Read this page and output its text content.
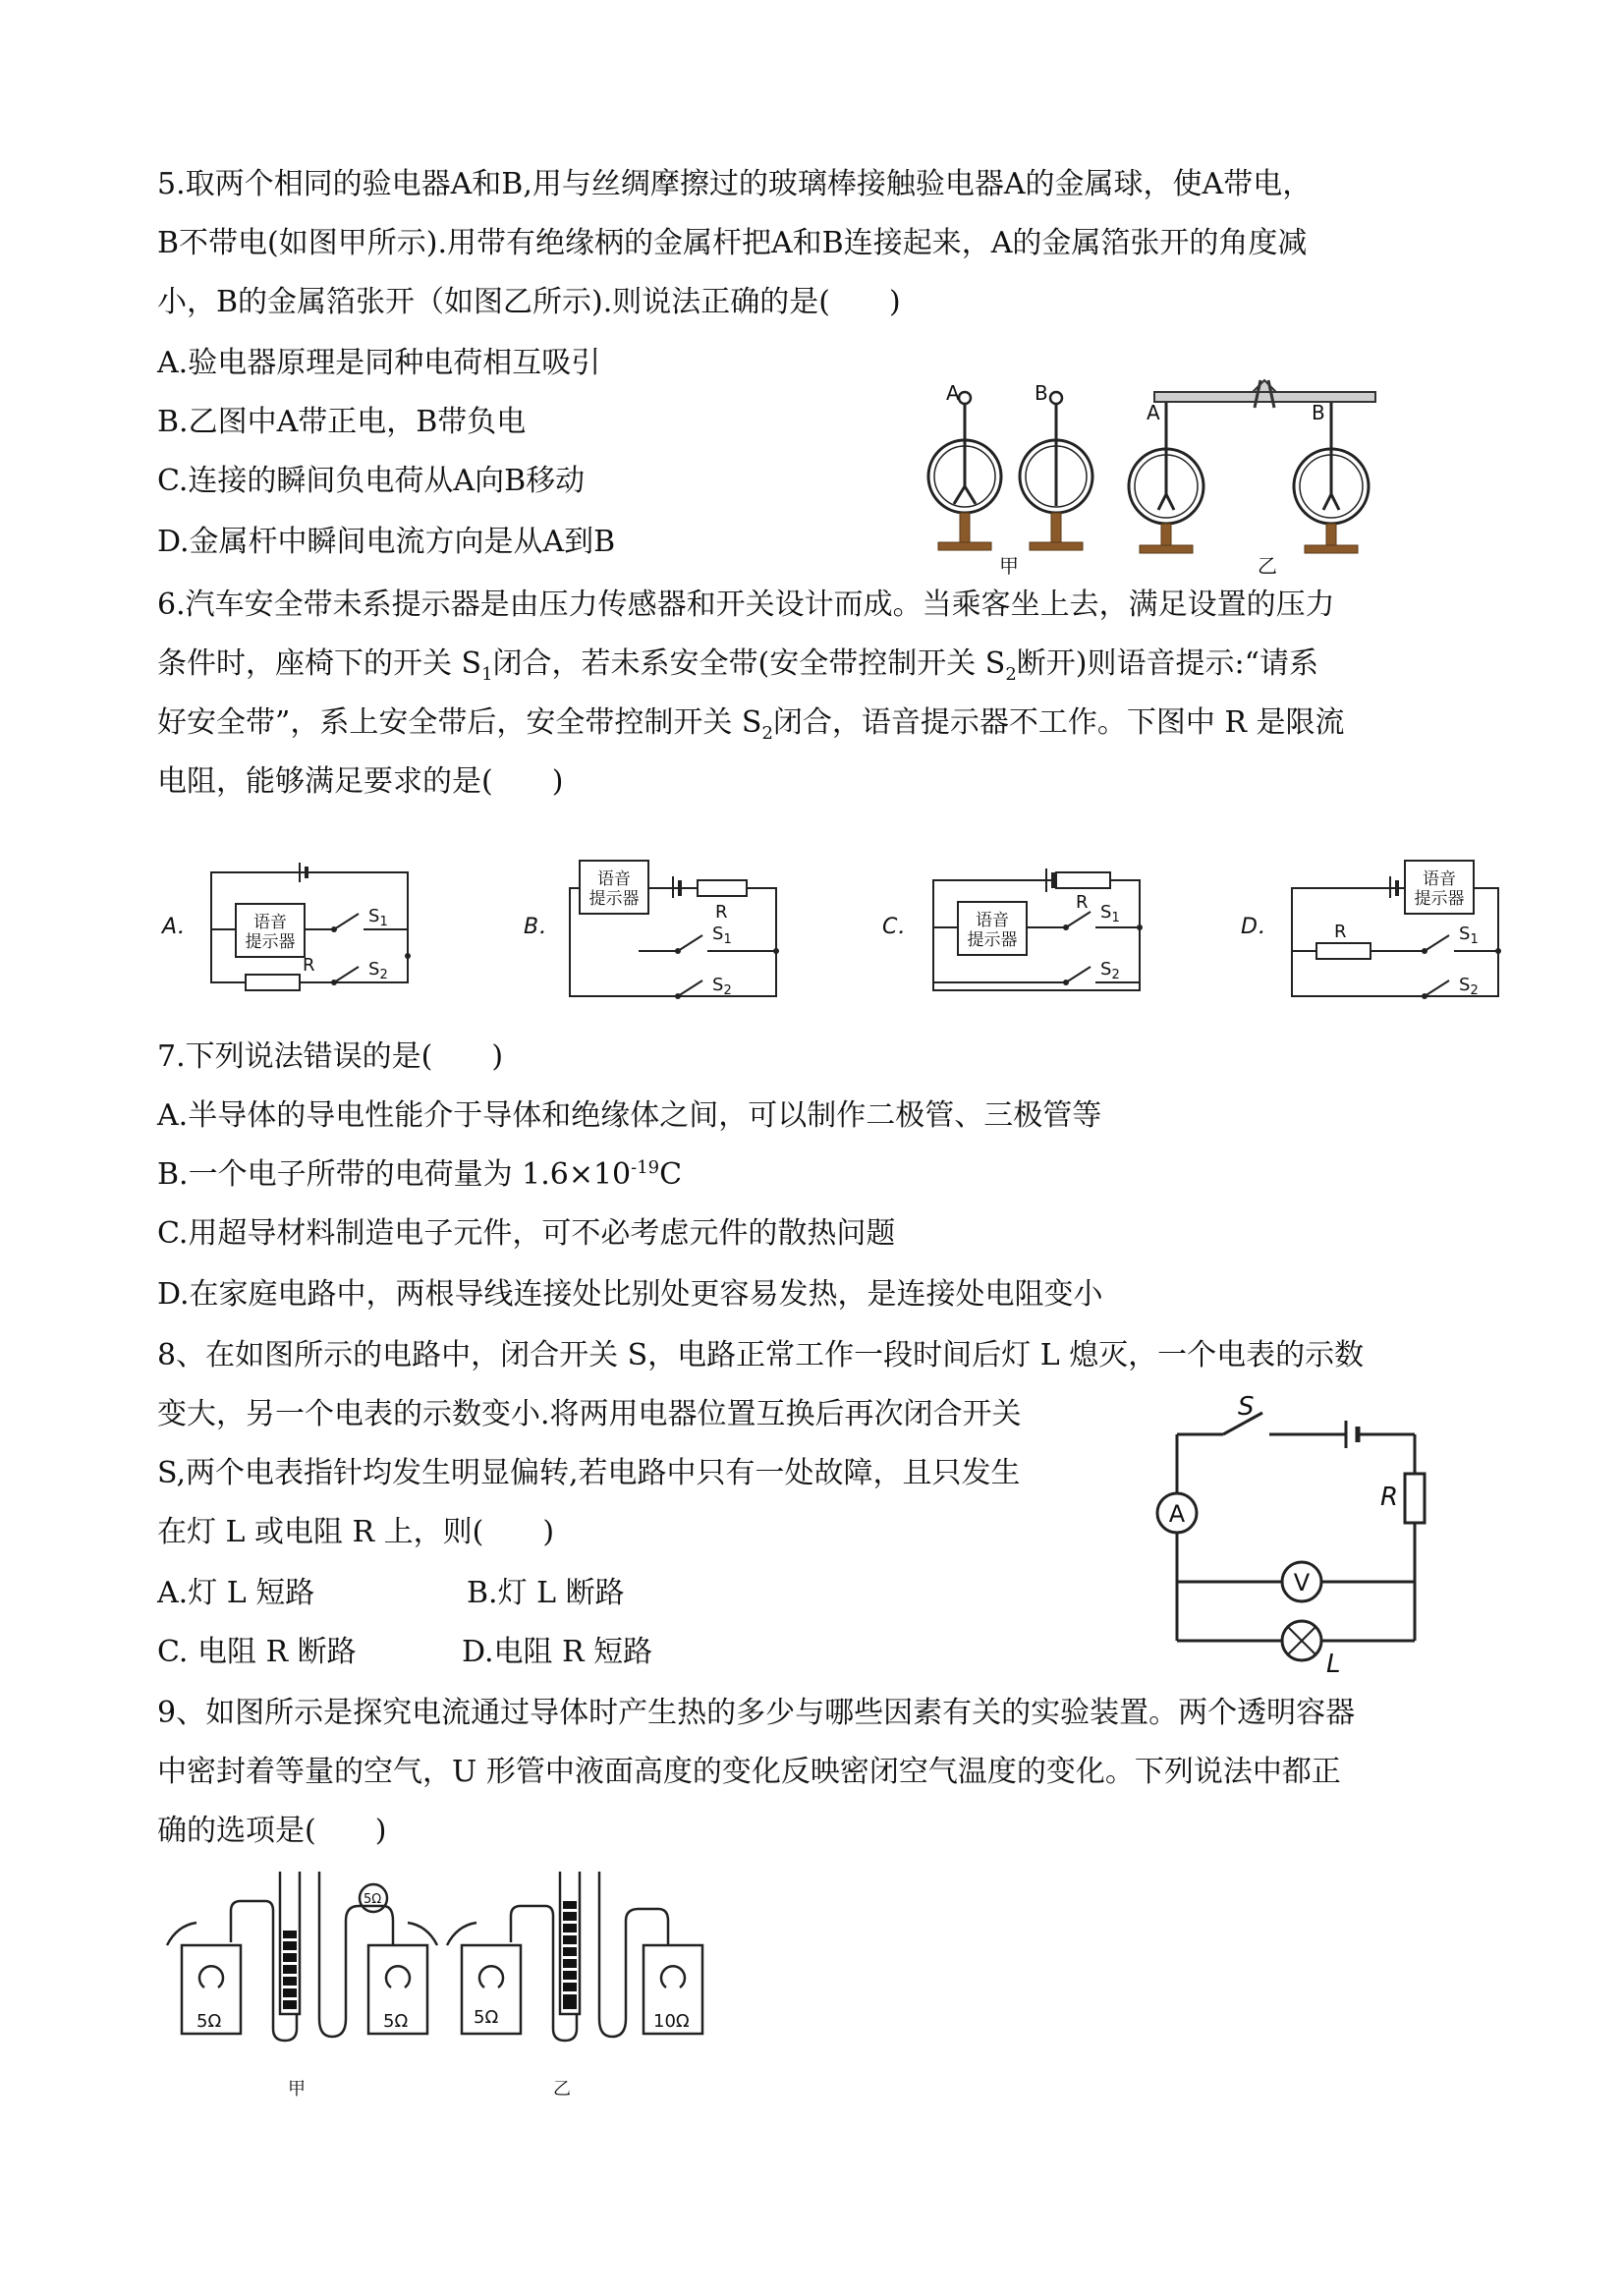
5.取两个相同的验电器A和B,用与丝绸摩擦过的玻璃棒接触验电器A的金属球，使A带电，
B不带电(如图甲所示).用带有绝缘柄的金属杆把A和B连接起来，A的金属箔张开的角度减
小，B的金属箔张开（如图乙所示).则说法正确的是(　　)
A.验电器原理是同种电荷相互吸引
B.乙图中A带正电，B带负电
C.连接的瞬间负电荷从A向B移动
D.金属杆中瞬间电流方向是从A到B
A	B
A	B
甲	乙
6.汽车安全带未系提示器是由压力传感器和开关设计而成。当乘客坐上去，满足设置的压力
条件时，座椅下的开关 $S_1$闭合，若未系安全带(安全带控制开关 $S_2$断开)则语音提示:“请系
好安全带”，系上安全带后，安全带控制开关 $S_2$闭合，语音提示器不工作。下图中 R 是限流
电阻，能够满足要求的是(　　)
A．	B．	C．	D．
语音
提示器
语音
提示器
语音
提示器
语音
提示器
$S_1$
$S_2$
R
$S_1$
$S_2$
R	$S_1$
$S_2$
R
$S_1$
$S_2$
R
7.下列说法错误的是(　　)
A.半导体的导电性能介于导体和绝缘体之间，可以制作二极管、三极管等
B.一个电子所带的电荷量为 $1.6\times 10^{-19}C$
C.用超导材料制造电子元件，可不必考虑元件的散热问题
D.在家庭电路中，两根导线连接处比别处更容易发热，是连接处电阻变小
8、在如图所示的电路中，闭合开关 S，电路正常工作一段时间后灯 L 熄灭，一个电表的示数
变大，另一个电表的示数变小.将两用电器位置互换后再次闭合开关
S,两个电表指针均发生明显偏转,若电路中只有一处故障，且只发生
在灯 L 或电阻 R 上，则(　　)
A.灯 L 短路	B.灯 L 断路
C. 电阻 R 断路	D.电阻 R 短路
S
R
A
V
L
9、如图所示是探究电流通过导体时产生热的多少与哪些因素有关的实验装置。两个透明容器
中密封着等量的空气，U 形管中液面高度的变化反映密闭空气温度的变化。下列说法中都正
确的选项是(　　)
5Ω	5Ω
5Ω
5Ω	10Ω
甲	乙
